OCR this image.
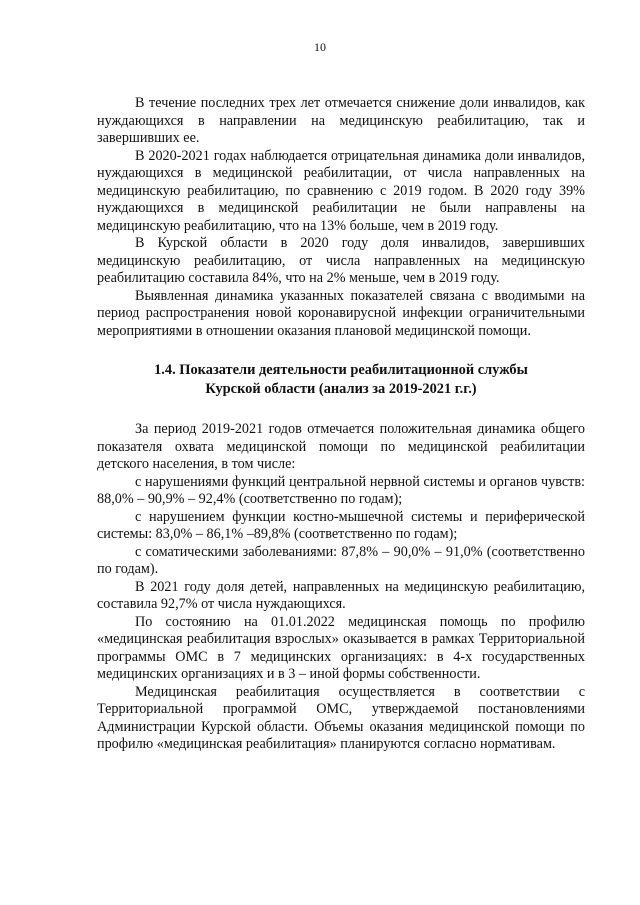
10

В течение последних трех лет отмечается снижение доли инвалидов, как нуждающихся в направлении на медицинскую реабилитацию, так и завершивших ее.

В 2020-2021 годах наблюдается отрицательная динамика доли инвалидов, нуждающихся в медицинской реабилитации, от числа направленных на медицинскую реабилитацию, по сравнению с 2019 годом. В 2020 году 39% нуждающихся в медицинской реабилитации не были направлены на медицинскую реабилитацию, что на 13% больше, чем в 2019 году.

В Курской области в 2020 году доля инвалидов, завершивших медицинскую реабилитацию, от числа направленных на медицинскую реабилитацию составила 84%, что на 2% меньше, чем в 2019 году.

Выявленная динамика указанных показателей связана с вводимыми на период распространения новой коронавирусной инфекции ограничительными мероприятиями в отношении оказания плановой медицинской помощи.

1.4. Показатели деятельности реабилитационной службы
Курской области (анализ за 2019-2021 г.г.)

За период 2019-2021 годов отмечается положительная динамика общего показателя охвата медицинской помощи по медицинской реабилитации детского населения, в том числе:

с нарушениями функций центральной нервной системы и органов чувств: 88,0% – 90,9% – 92,4% (соответственно по годам);

с нарушением функции костно-мышечной системы и периферической системы: 83,0% – 86,1% –89,8% (соответственно по годам);

с соматическими заболеваниями: 87,8% – 90,0% – 91,0% (соответственно по годам).

В 2021 году доля детей, направленных на медицинскую реабилитацию, составила 92,7% от числа нуждающихся.

По состоянию на 01.01.2022 медицинская помощь по профилю «медицинская реабилитация взрослых» оказывается в рамках Территориальной программы ОМС в 7 медицинских организациях: в 4-х государственных медицинских организациях и в 3 – иной формы собственности.

Медицинская реабилитация осуществляется в соответствии с Территориальной программой ОМС, утверждаемой постановлениями Администрации Курской области. Объемы оказания медицинской помощи по профилю «медицинская реабилитация» планируются согласно нормативам.
